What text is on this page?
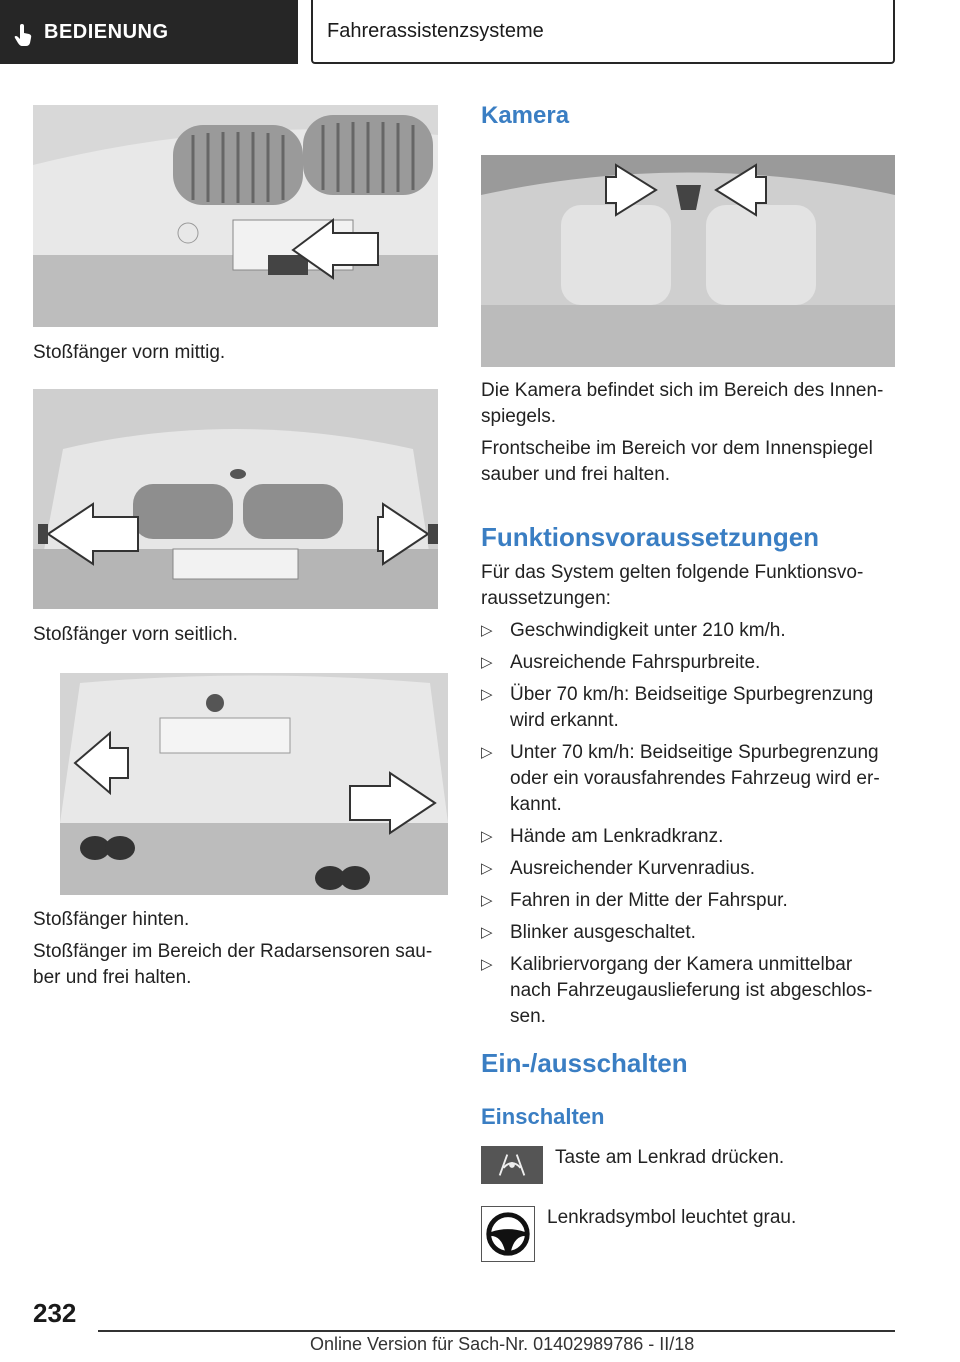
BEDIENUNG	Fahrerassistenzsysteme
Stoßfänger vorn mittig.
Stoßfänger vorn seitlich.
Stoßfänger hinten.
Stoßfänger im Bereich der Radarsensoren sauber und frei halten.
Kamera
Die Kamera befindet sich im Bereich des Innenspiegels.
Frontscheibe im Bereich vor dem Innenspiegel sauber und frei halten.
Funktionsvoraussetzungen
Für das System gelten folgende Funktionsvoraussetzungen:
▷ Geschwindigkeit unter 210 km/h.
▷ Ausreichende Fahrspurbreite.
▷ Über 70 km/h: Beidseitige Spurbegrenzung wird erkannt.
▷ Unter 70 km/h: Beidseitige Spurbegrenzung oder ein vorausfahrendes Fahrzeug wird erkannt.
▷ Hände am Lenkradkranz.
▷ Ausreichender Kurvenradius.
▷ Fahren in der Mitte der Fahrspur.
▷ Blinker ausgeschaltet.
▷ Kalibriervorgang der Kamera unmittelbar nach Fahrzeugauslieferung ist abgeschlossen.
Ein-/ausschalten
Einschalten
Taste am Lenkrad drücken.
Lenkradsymbol leuchtet grau.
232
Online Version für Sach-Nr. 01402989786 - II/18
